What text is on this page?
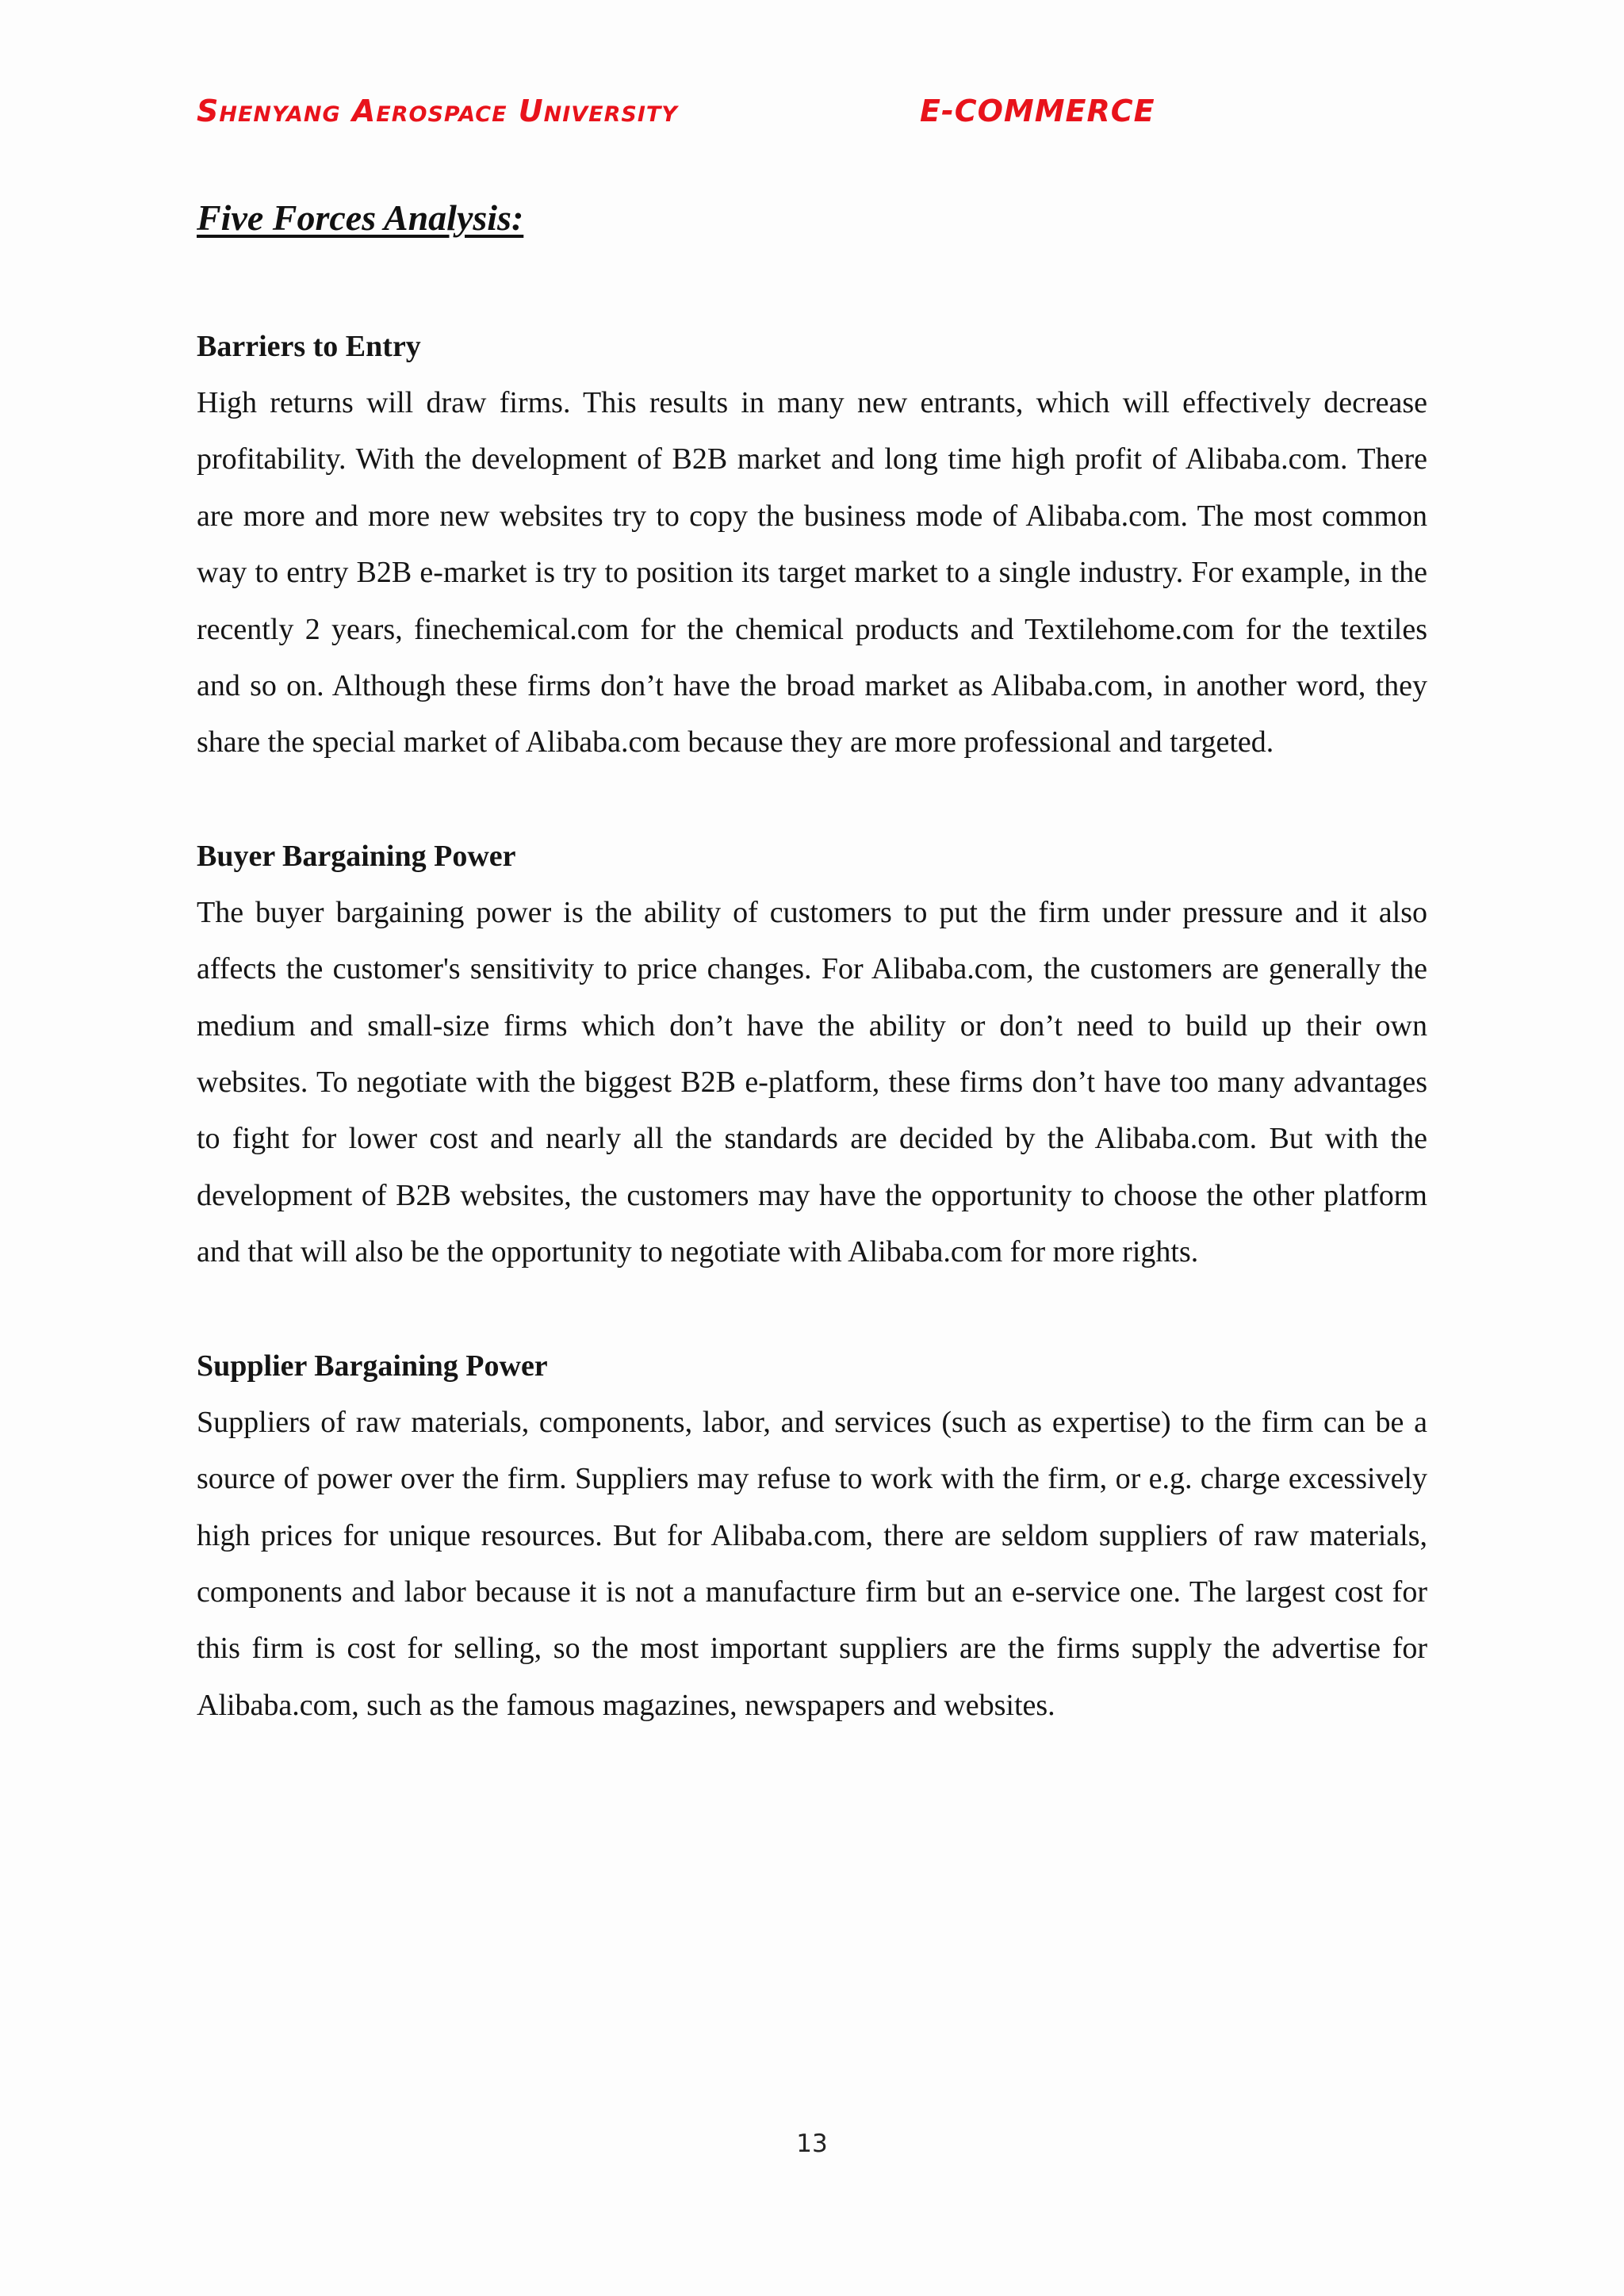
Shenyang Aerospace University	E-COMMERCE
Five Forces Analysis:

Barriers to Entry

High returns will draw firms. This results in many new entrants, which will effectively decrease profitability. With the development of B2B market and long time high profit of Alibaba.com. There are more and more new websites try to copy the business mode of Alibaba.com. The most common way to entry B2B e-market is try to position its target market to a single industry. For example, in the recently 2 years, finechemical.com for the chemical products and Textilehome.com for the textiles and so on. Although these firms don’t have the broad market as Alibaba.com, in another word, they share the special market of Alibaba.com because they are more professional and targeted.

Buyer Bargaining Power

The buyer bargaining power is the ability of customers to put the firm under pressure and it also affects the customer's sensitivity to price changes. For Alibaba.com, the customers are generally the medium and small-size firms which don’t have the ability or don’t need to build up their own websites. To negotiate with the biggest B2B e-platform, these firms don’t have too many advantages to fight for lower cost and nearly all the standards are decided by the Alibaba.com. But with the development of B2B websites, the customers may have the opportunity to choose the other platform and that will also be the opportunity to negotiate with Alibaba.com for more rights.

Supplier Bargaining Power

Suppliers of raw materials, components, labor, and services (such as expertise) to the firm can be a source of power over the firm. Suppliers may refuse to work with the firm, or e.g. charge excessively high prices for unique resources. But for Alibaba.com, there are seldom suppliers of raw materials, components and labor because it is not a manufacture firm but an e-service one. The largest cost for this firm is cost for selling, so the most important suppliers are the firms supply the advertise for Alibaba.com, such as the famous magazines, newspapers and websites.

13
